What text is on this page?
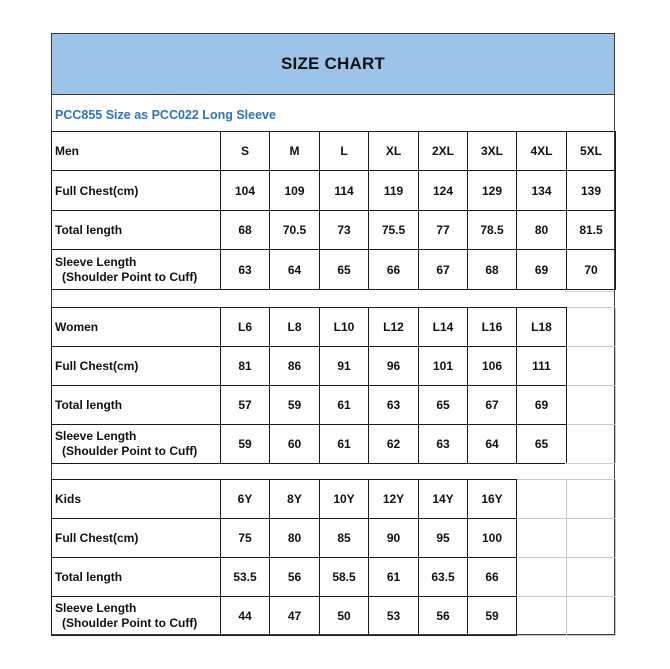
SIZE CHART
PCC855 Size as PCC022 Long Sleeve
Men	S	M	L	XL	2XL	3XL	4XL	5XL
Full Chest(cm)	104	109	114	119	124	129	134	139
Total length	68	70.5	73	75.5	77	78.5	80	81.5
Sleeve Length
(Shoulder Point to Cuff)	63	64	65	66	67	68	69	70
Women	L6	L8	L10	L12	L14	L16	L18	
Full Chest(cm)	81	86	91	96	101	106	111	
Total length	57	59	61	63	65	67	69	
Sleeve Length
(Shoulder Point to Cuff)	59	60	61	62	63	64	65	
Kids	6Y	8Y	10Y	12Y	14Y	16Y		
Full Chest(cm)	75	80	85	90	95	100		
Total length	53.5	56	58.5	61	63.5	66		
Sleeve Length
(Shoulder Point to Cuff)	44	47	50	53	56	59		
